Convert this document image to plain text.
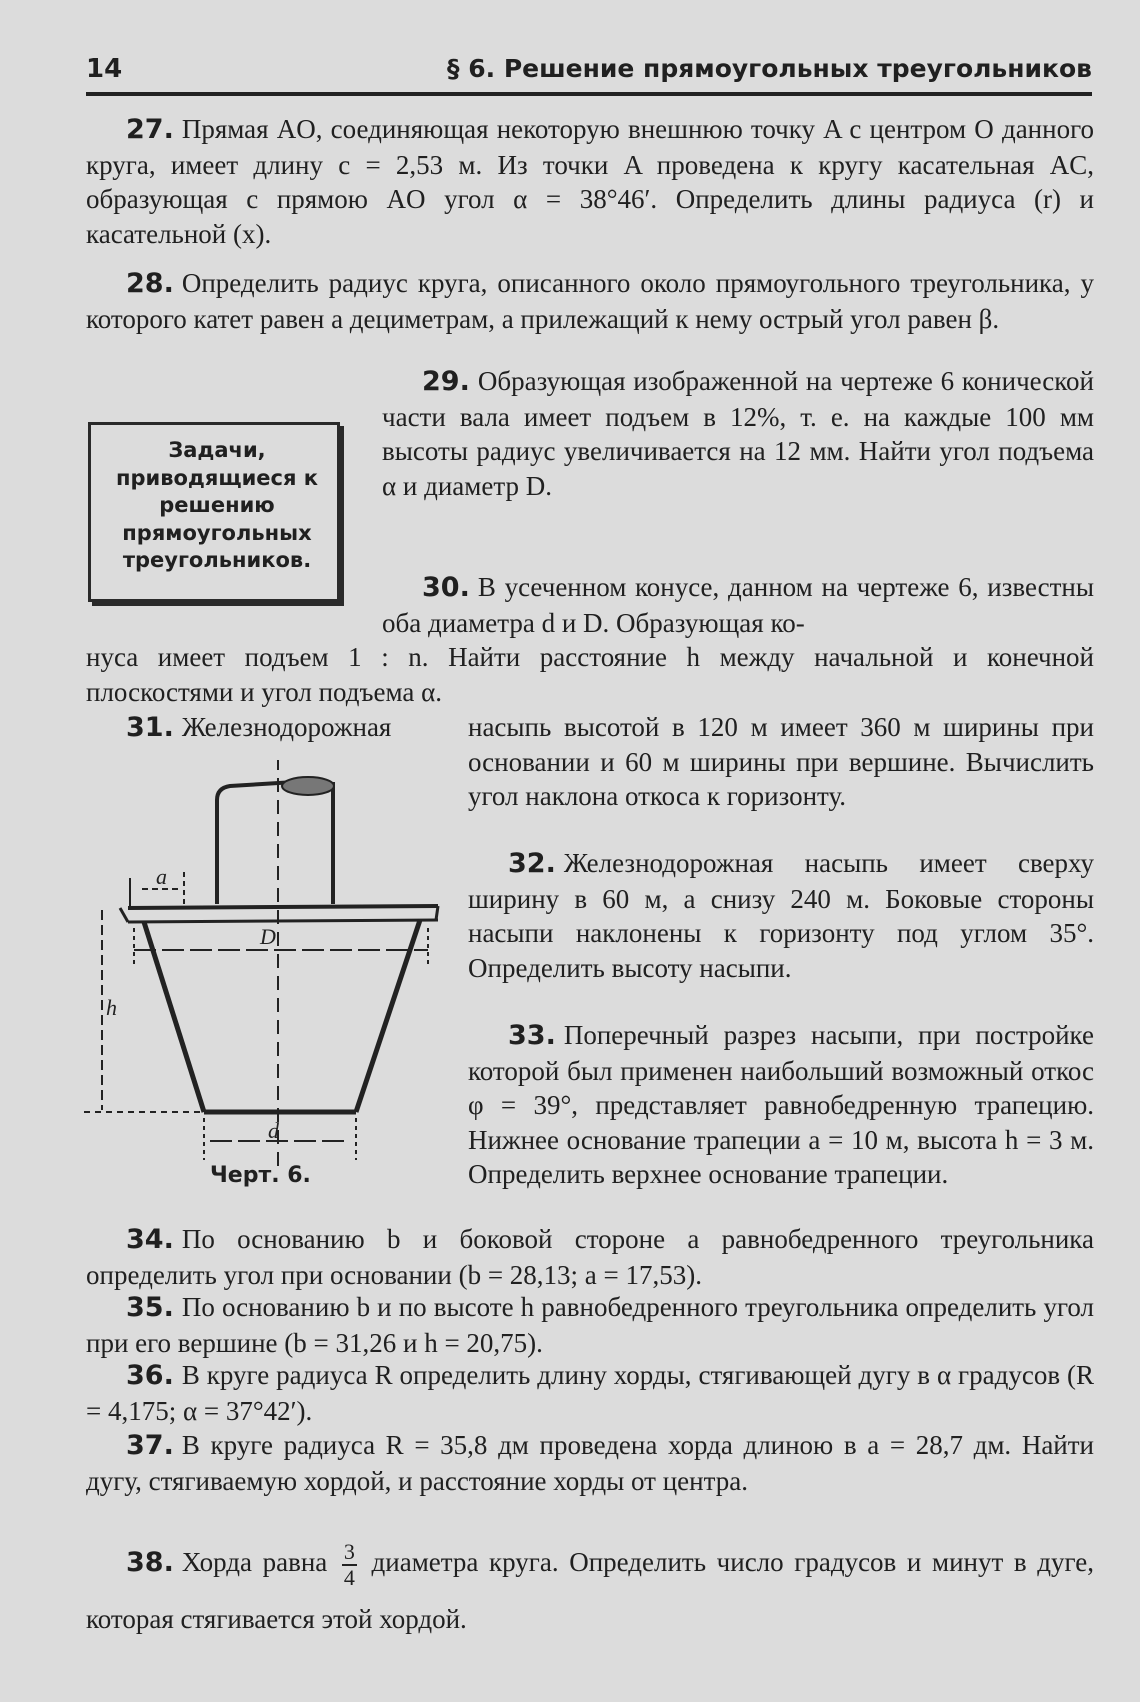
14	§ 6. Решение прямоугольных треугольников
27. Прямая AO, соединяющая некоторую внешнюю точку A с центром O данного круга, имеет длину c = 2,53 м. Из точки A проведена к кругу касательная AC, образующая с прямою AO угол α = 38°46′. Определить длины радиуса (r) и касательной (x).
28. Определить радиус круга, описанного около прямоугольного треугольника, у которого катет равен a дециметрам, а прилежащий к нему острый угол равен β.
Задачи, приводящиеся к решению прямоугольных треугольников.
29. Образующая изображенной на чертеже 6 конической части вала имеет подъем в 12%, т. е. на каждые 100 мм высоты радиус увеличивается на 12 мм. Найти угол подъема α и диаметр D.
30. В усеченном конусе, данном на чертеже 6, известны оба диаметра d и D. Образующая ко-
нуса имеет подъем 1 : n. Найти расстояние h между начальной и конечной плоскостями и угол подъема α.
31. Железнодорожная	насыпь высотой в 120 м имеет 360 м ширины при основании и 60 м ширины при вершине. Вычислить угол наклона откоса к горизонту.
32. Железнодорожная насыпь имеет сверху ширину в 60 м, а снизу 240 м. Боковые стороны насыпи наклонены к горизонту под углом 35°. Определить высоту насыпи.
33. Поперечный разрез насыпи, при постройке которой был применен наибольший возможный откос φ = 39°, представляет равнобедренную трапецию. Нижнее основание трапеции a = 10 м, высота h = 3 м. Определить верхнее основание трапеции.
a
D
h
d
Черт. 6.
34. По основанию b и боковой стороне a равнобедренного треугольника определить угол при основании (b = 28,13; a = 17,53).
35. По основанию b и по высоте h равнобедренного треугольника определить угол при его вершине (b = 31,26 и h = 20,75).
36. В круге радиуса R определить длину хорды, стягивающей дугу в α градусов (R = 4,175; α = 37°42′).
37. В круге радиуса R = 35,8 дм проведена хорда длиною в a = 28,7 дм. Найти дугу, стягиваемую хордой, и расстояние хорды от центра.
38. Хорда равна $\frac{3}{4}$ диаметра круга. Определить число градусов и минут в дуге, которая стягивается этой хордой.
